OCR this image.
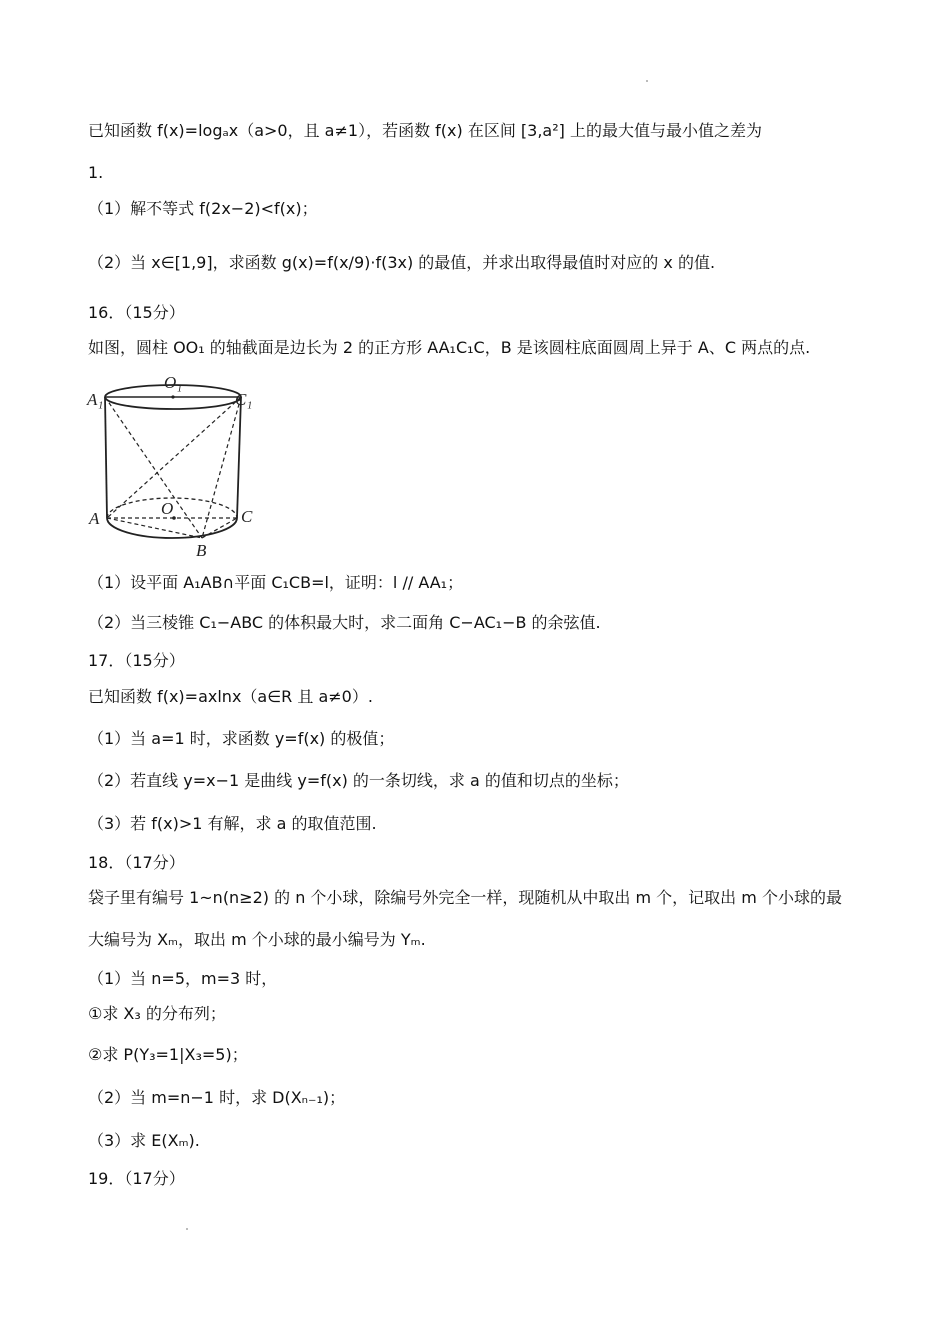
已知函数 f(x)=logₐx（a>0，且 a≠1），若函数 f(x) 在区间 [3,a²] 上的最大值与最小值之差为
1.
（1）解不等式 f(2x−2)<f(x)；
（2）当 x∈[1,9]，求函数 g(x)=f(x/9)·f(3x) 的最值，并求出取得最值时对应的 x 的值.
16．（15分）
如图，圆柱 OO₁ 的轴截面是边长为 2 的正方形 AA₁C₁C，B 是该圆柱底面圆周上异于 A、C 两点的点.
O₁
A₁	C₁
A
O	C
B
（1）设平面 A₁AB∩平面 C₁CB=l，证明：l // AA₁；
（2）当三棱锥 C₁−ABC 的体积最大时，求二面角 C−AC₁−B 的余弦值.
17．（15分）
已知函数 f(x)=axlnx（a∈R 且 a≠0）.
（1）当 a=1 时，求函数 y=f(x) 的极值；
（2）若直线 y=x−1 是曲线 y=f(x) 的一条切线，求 a 的值和切点的坐标；
（3）若 f(x)>1 有解，求 a 的取值范围.
18．（17分）
袋子里有编号 1~n(n≥2) 的 n 个小球，除编号外完全一样，现随机从中取出 m 个，记取出 m 个小球的最
大编号为 Xₘ，取出 m 个小球的最小编号为 Yₘ.
（1）当 n=5，m=3 时，
①求 X₃ 的分布列；
②求 P(Y₃=1|X₃=5)；
（2）当 m=n−1 时，求 D(Xₙ₋₁)；
（3）求 E(Xₘ).
19．（17分）
